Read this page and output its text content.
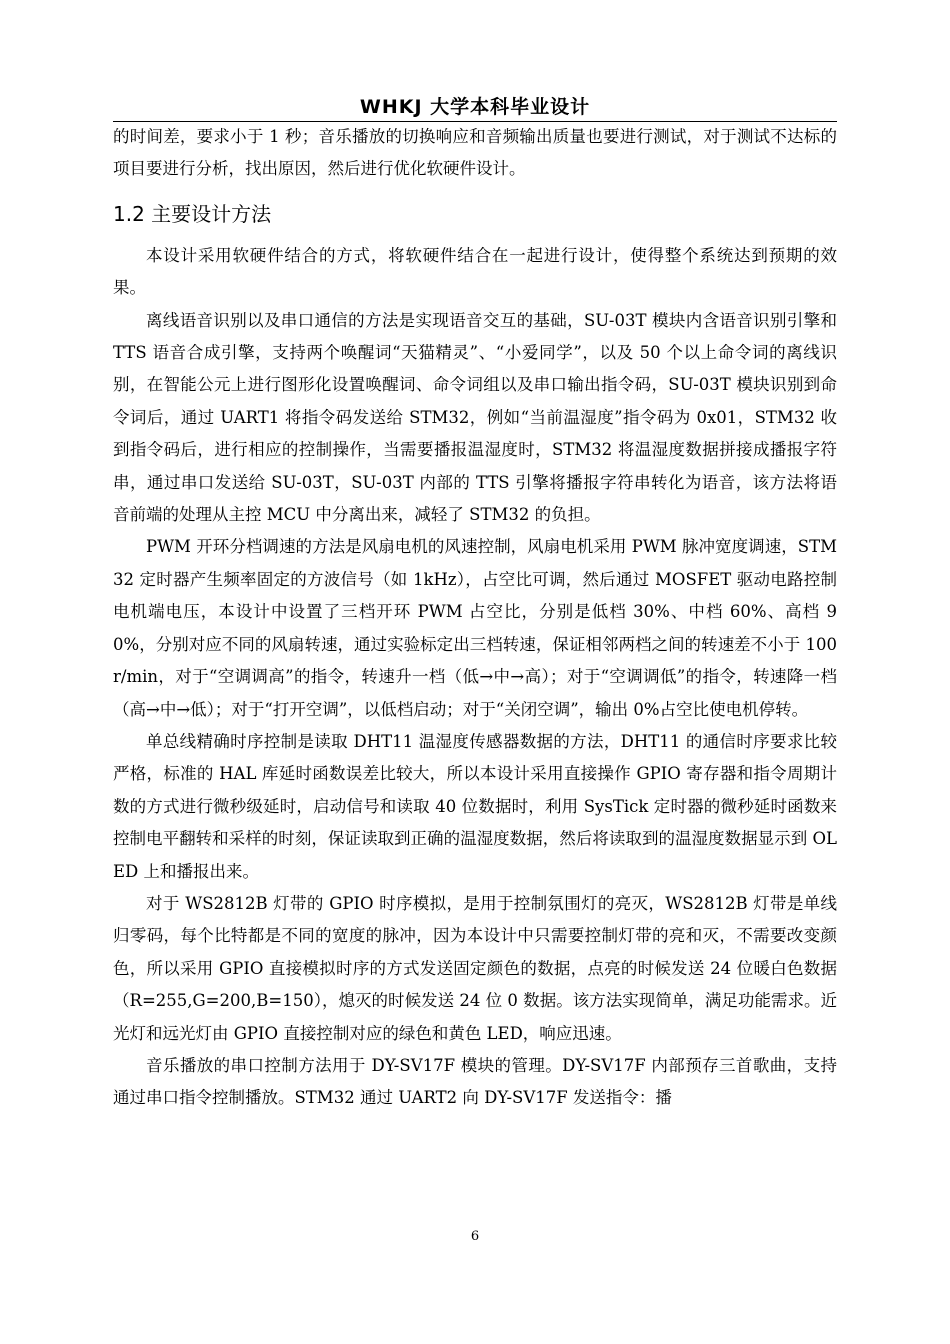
WHKJ 大学本科毕业设计

的时间差，要求小于 1 秒；音乐播放的切换响应和音频输出质量也要进行测试，对于测试不达标的项目要进行分析，找出原因，然后进行优化软硬件设计。

1.2 主要设计方法

本设计采用软硬件结合的方式，将软硬件结合在一起进行设计，使得整个系统达到预期的效果。

离线语音识别以及串口通信的方法是实现语音交互的基础，SU-03T 模块内含语音识别引擎和 TTS 语音合成引擎，支持两个唤醒词“天猫精灵”、“小爱同学”，以及 50 个以上命令词的离线识别，在智能公元上进行图形化设置唤醒词、命令词组以及串口输出指令码，SU-03T 模块识别到命令词后，通过 UART1 将指令码发送给 STM32，例如“当前温湿度”指令码为 0x01，STM32 收到指令码后，进行相应的控制操作，当需要播报温湿度时，STM32 将温湿度数据拼接成播报字符串，通过串口发送给 SU-03T，SU-03T 内部的 TTS 引擎将播报字符串转化为语音，该方法将语音前端的处理从主控 MCU 中分离出来，减轻了 STM32 的负担。

PWM 开环分档调速的方法是风扇电机的风速控制，风扇电机采用 PWM 脉冲宽度调速，STM32 定时器产生频率固定的方波信号（如 1kHz），占空比可调，然后通过 MOSFET 驱动电路控制电机端电压，本设计中设置了三档开环 PWM 占空比，分别是低档 30%、中档 60%、高档 90%，分别对应不同的风扇转速，通过实验标定出三档转速，保证相邻两档之间的转速差不小于 100r/min，对于“空调调高”的指令，转速升一档（低→中→高）；对于“空调调低”的指令，转速降一档（高→中→低）；对于“打开空调”，以低档启动；对于“关闭空调”，输出 0%占空比使电机停转。

单总线精确时序控制是读取 DHT11 温湿度传感器数据的方法，DHT11 的通信时序要求比较严格，标准的 HAL 库延时函数误差比较大，所以本设计采用直接操作 GPIO 寄存器和指令周期计数的方式进行微秒级延时，启动信号和读取 40 位数据时，利用 SysTick 定时器的微秒延时函数来控制电平翻转和采样的时刻，保证读取到正确的温湿度数据，然后将读取到的温湿度数据显示到 OLED 上和播报出来。

对于 WS2812B 灯带的 GPIO 时序模拟，是用于控制氛围灯的亮灭，WS2812B 灯带是单线归零码，每个比特都是不同的宽度的脉冲，因为本设计中只需要控制灯带的亮和灭，不需要改变颜色，所以采用 GPIO 直接模拟时序的方式发送固定颜色的数据，点亮的时候发送 24 位暖白色数据（R=255,G=200,B=150），熄灭的时候发送 24 位 0 数据。该方法实现简单，满足功能需求。近光灯和远光灯由 GPIO 直接控制对应的绿色和黄色 LED，响应迅速。

音乐播放的串口控制方法用于 DY-SV17F 模块的管理。DY-SV17F 内部预存三首歌曲，支持通过串口指令控制播放。STM32 通过 UART2 向 DY-SV17F 发送指令：播

6
